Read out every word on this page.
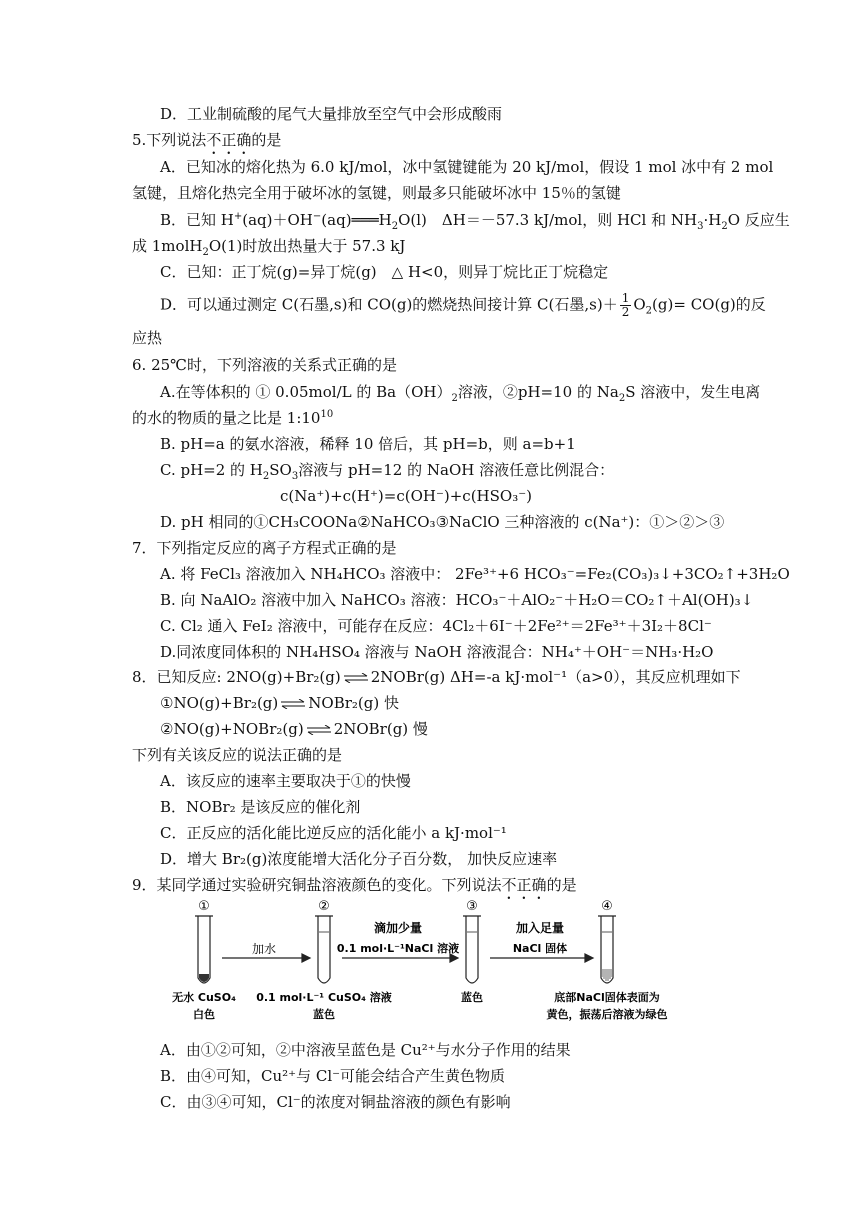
D．工业制硫酸的尾气大量排放至空气中会形成酸雨
5.下列说法不正确的是
A．已知冰的熔化热为 6.0 kJ/mol，冰中氢键键能为 20 kJ/mol，假设 1 mol 冰中有 2 mol
氢键，且熔化热完全用于破坏冰的氢键，则最多只能破坏冰中 15％的氢键
B．已知 $H^+(aq)+OH^-(aq)═══H_2O(l)$　ΔH＝－57.3 kJ/mol，则 HCl 和 $NH_3\cdot H_2O$ 反应生
成 1molH$_2$O(1)时放出热量大于 57.3 kJ
C．已知：正丁烷(g)=异丁烷(g)　△ H<0，则异丁烷比正丁烷稳定
D．可以通过测定 C(石墨,s)和 CO(g)的燃烧热间接计算 C(石墨$,s)+ \frac{1}{2} O_2(g)= CO(g)$的反
应热
6. 25℃时，下列溶液的关系式正确的是
A.在等体积的 ① 0.05mol/L 的 $Ba(OH)_2$溶液，②pH=10 的 $Na_2S$ 溶液中，发生电离
的水的物质的量之比是 $1:10^{10}$
B. pH=a 的氨水溶液，稀释 10 倍后，其 pH=b，则 a=b+1
C. pH=2 的 $H_2SO_3$溶液与 pH=12 的 NaOH 溶液任意比例混合：
c(Na⁺)+c(H⁺)=c(OH⁻)+c(HSO₃⁻)
D. pH 相同的①CH₃COONa②NaHCO₃③NaClO 三种溶液的 c(Na⁺)：①＞②＞③
7．下列指定反应的离子方程式正确的是
A. 将 FeCl₃ 溶液加入 NH₄HCO₃ 溶液中： 2Fe³⁺+6 HCO₃⁻=Fe₂(CO₃)₃↓+3CO₂↑+3H₂O
B. 向 NaAlO₂ 溶液中加入 NaHCO₃ 溶液：HCO₃⁻＋AlO₂⁻＋H₂O＝CO₂↑＋Al(OH)₃↓
C. Cl₂ 通入 FeI₂ 溶液中，可能存在反应：4Cl₂＋6I⁻＋2Fe²⁺＝2Fe³⁺＋3I₂＋8Cl⁻
D.同浓度同体积的 NH₄HSO₄ 溶液与 NaOH 溶液混合：NH₄⁺＋OH⁻＝NH₃·H₂O
8．已知反应: 2NO(g)+Br₂(g) ⇌ 2NOBr(g) ΔH=-a kJ·mol⁻¹（a>0），其反应机理如下
①NO(g)+Br₂(g) ⇌ NOBr₂(g) 快
②NO(g)+NOBr₂(g) ⇌ 2NOBr(g) 慢
下列有关该反应的说法正确的是
A．该反应的速率主要取决于①的快慢
B．NOBr₂ 是该反应的催化剂
C．正反应的活化能比逆反应的活化能小 a kJ·mol⁻¹
D．增大 Br₂(g)浓度能增大活化分子百分数， 加快反应速率
9．某同学通过实验研究铜盐溶液颜色的变化。下列说法不正确的是
①	②	③	④
加水
滴加少量
0.1 mol·L⁻¹NaCl 溶液
加入足量
NaCl 固体
无水 CuSO₄
白色
0.1 mol·L⁻¹ CuSO₄ 溶液
蓝色
蓝色	底部NaCl固体表面为
黄色，振荡后溶液为绿色
A．由①②可知，②中溶液呈蓝色是 Cu²⁺与水分子作用的结果
B．由④可知，Cu²⁺与 Cl⁻可能会结合产生黄色物质
C．由③④可知，Cl⁻的浓度对铜盐溶液的颜色有影响
